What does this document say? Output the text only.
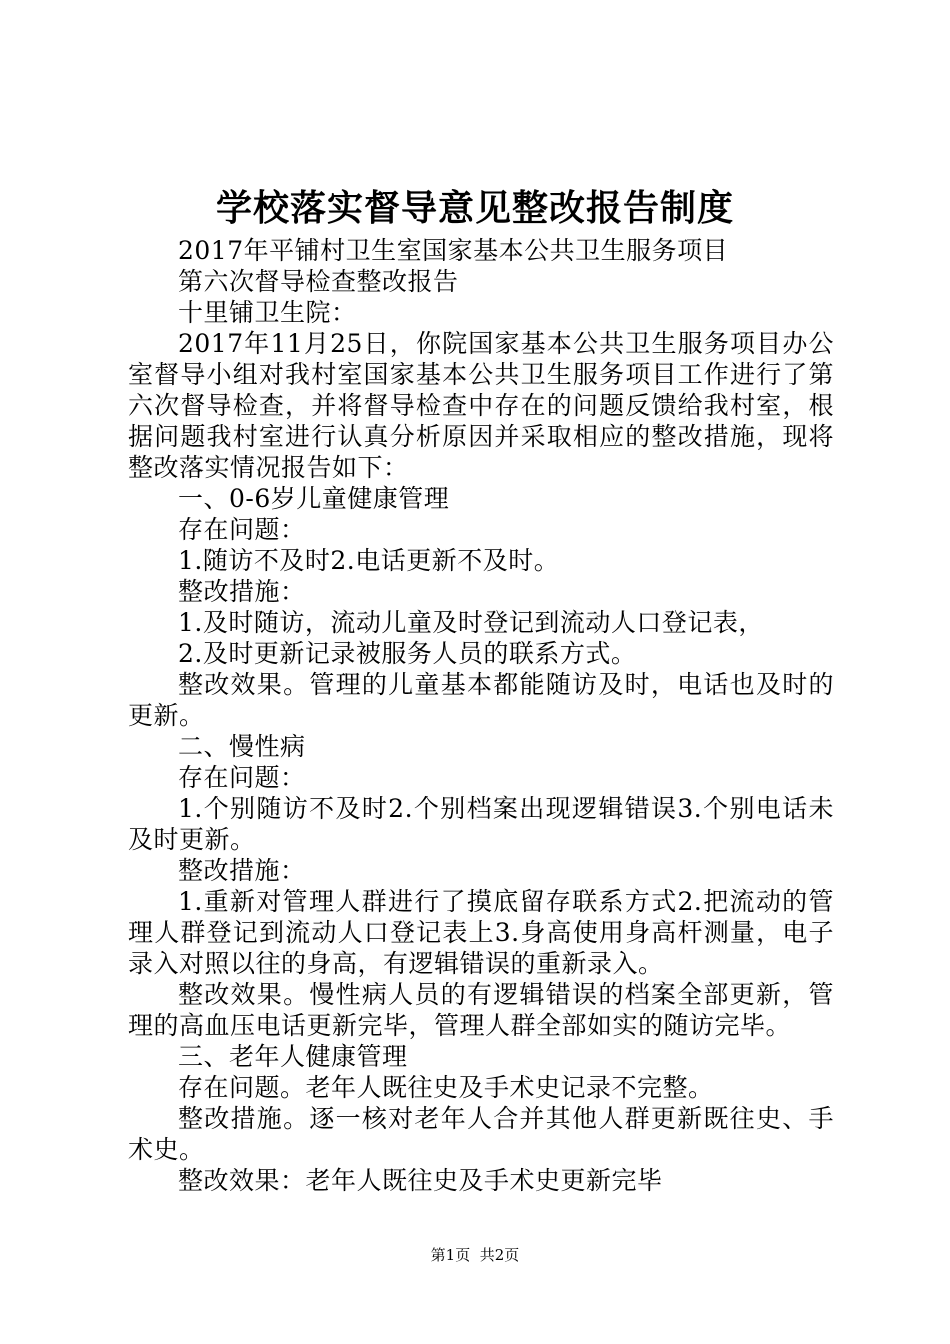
学校落实督导意见整改报告制度

2017年平铺村卫生室国家基本公共卫生服务项目

第六次督导检查整改报告

十里铺卫生院：

2017年11月25日，你院国家基本公共卫生服务项目办公室督导小组对我村室国家基本公共卫生服务项目工作进行了第六次督导检查，并将督导检查中存在的问题反馈给我村室，根据问题我村室进行认真分析原因并采取相应的整改措施，现将整改落实情况报告如下：

一、0-6岁儿童健康管理

存在问题：

1.随访不及时2.电话更新不及时。

整改措施：

1.及时随访，流动儿童及时登记到流动人口登记表，

2.及时更新记录被服务人员的联系方式。

整改效果。管理的儿童基本都能随访及时，电话也及时的更新。

二、慢性病

存在问题：

1.个别随访不及时2.个别档案出现逻辑错误3.个别电话未及时更新。

整改措施：

1.重新对管理人群进行了摸底留存联系方式2.把流动的管理人群登记到流动人口登记表上3.身高使用身高杆测量，电子录入对照以往的身高，有逻辑错误的重新录入。

整改效果。慢性病人员的有逻辑错误的档案全部更新，管理的高血压电话更新完毕，管理人群全部如实的随访完毕。

三、老年人健康管理

存在问题。老年人既往史及手术史记录不完整。

整改措施。逐一核对老年人合并其他人群更新既往史、手术史。

整改效果：老年人既往史及手术史更新完毕

第1页 共2页
